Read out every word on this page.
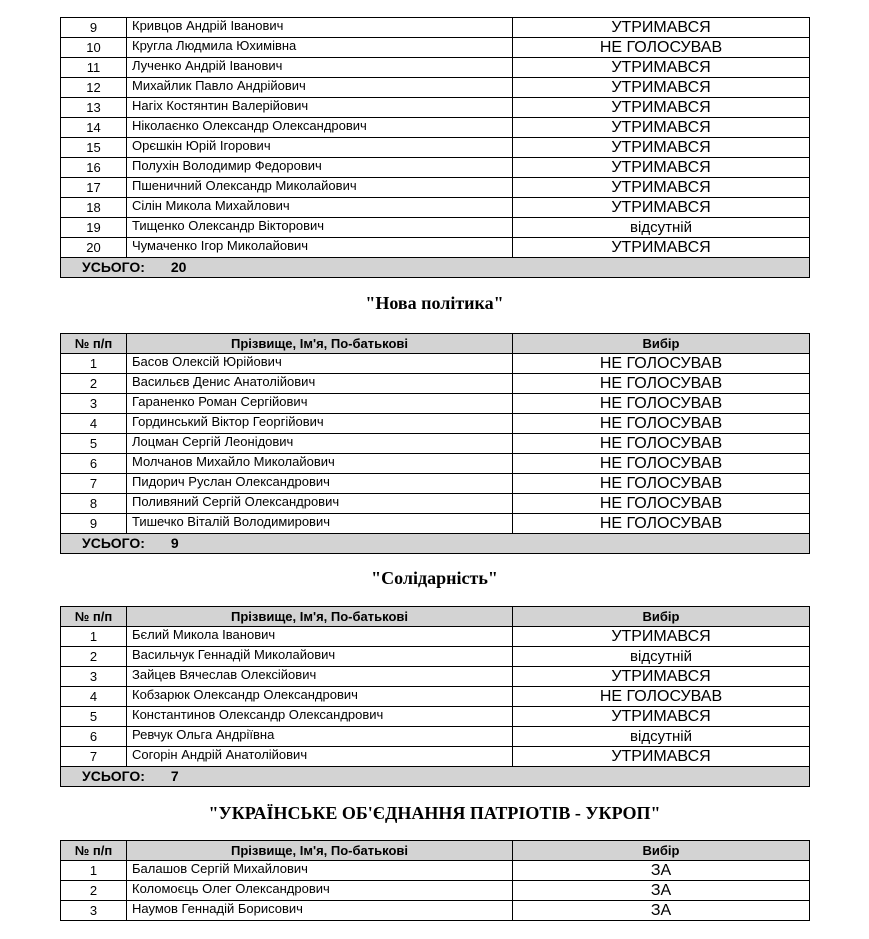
9	Кривцов Андрій Іванович	УТРИМАВСЯ
10	Кругла Людмила Юхимівна	НЕ ГОЛОСУВАВ
11	Лученко Андрій Іванович	УТРИМАВСЯ
12	Михайлик Павло Андрійович	УТРИМАВСЯ
13	Нагіх Костянтин Валерійович	УТРИМАВСЯ
14	Ніколаєнко Олександр Олександрович	УТРИМАВСЯ
15	Орєшкін Юрій Ігорович	УТРИМАВСЯ
16	Полухін Володимир Федорович	УТРИМАВСЯ
17	Пшеничний Олександр Миколайович	УТРИМАВСЯ
18	Сілін Микола Михайлович	УТРИМАВСЯ
19	Тищенко Олександр Вікторович	відсутній
20	Чумаченко Ігор Миколайович	УТРИМАВСЯ
УСЬОГО: 20		
"Нова політика"
№ п/п	Прізвище, Ім'я, По-батькові	Вибір
1	Басов Олексій Юрійович	НЕ ГОЛОСУВАВ
2	Васильєв Денис Анатолійович	НЕ ГОЛОСУВАВ
3	Гараненко Роман Сергійович	НЕ ГОЛОСУВАВ
4	Гординський Віктор Георгійович	НЕ ГОЛОСУВАВ
5	Лоцман Сергій Леонідович	НЕ ГОЛОСУВАВ
6	Молчанов Михайло Миколайович	НЕ ГОЛОСУВАВ
7	Пидорич Руслан Олександрович	НЕ ГОЛОСУВАВ
8	Поливяний Сергій Олександрович	НЕ ГОЛОСУВАВ
9	Тишечко Віталій Володимирович	НЕ ГОЛОСУВАВ
УСЬОГО: 9		
"Солідарність"
№ п/п	Прізвище, Ім'я, По-батькові	Вибір
1	Бєлий Микола Іванович	УТРИМАВСЯ
2	Васильчук Геннадій Миколайович	відсутній
3	Зайцев Вячеслав Олексійович	УТРИМАВСЯ
4	Кобзарюк Олександр Олександрович	НЕ ГОЛОСУВАВ
5	Константинов Олександр Олександрович	УТРИМАВСЯ
6	Ревчук Ольга Андріївна	відсутній
7	Согорін Андрій Анатолійович	УТРИМАВСЯ
УСЬОГО: 7		
"УКРАЇНСЬКЕ ОБ'ЄДНАННЯ ПАТРІОТІВ - УКРОП"
№ п/п	Прізвище, Ім'я, По-батькові	Вибір
1	Балашов Сергій Михайлович	ЗА
2	Коломоєць Олег Олександрович	ЗА
3	Наумов Геннадій Борисович	ЗА
